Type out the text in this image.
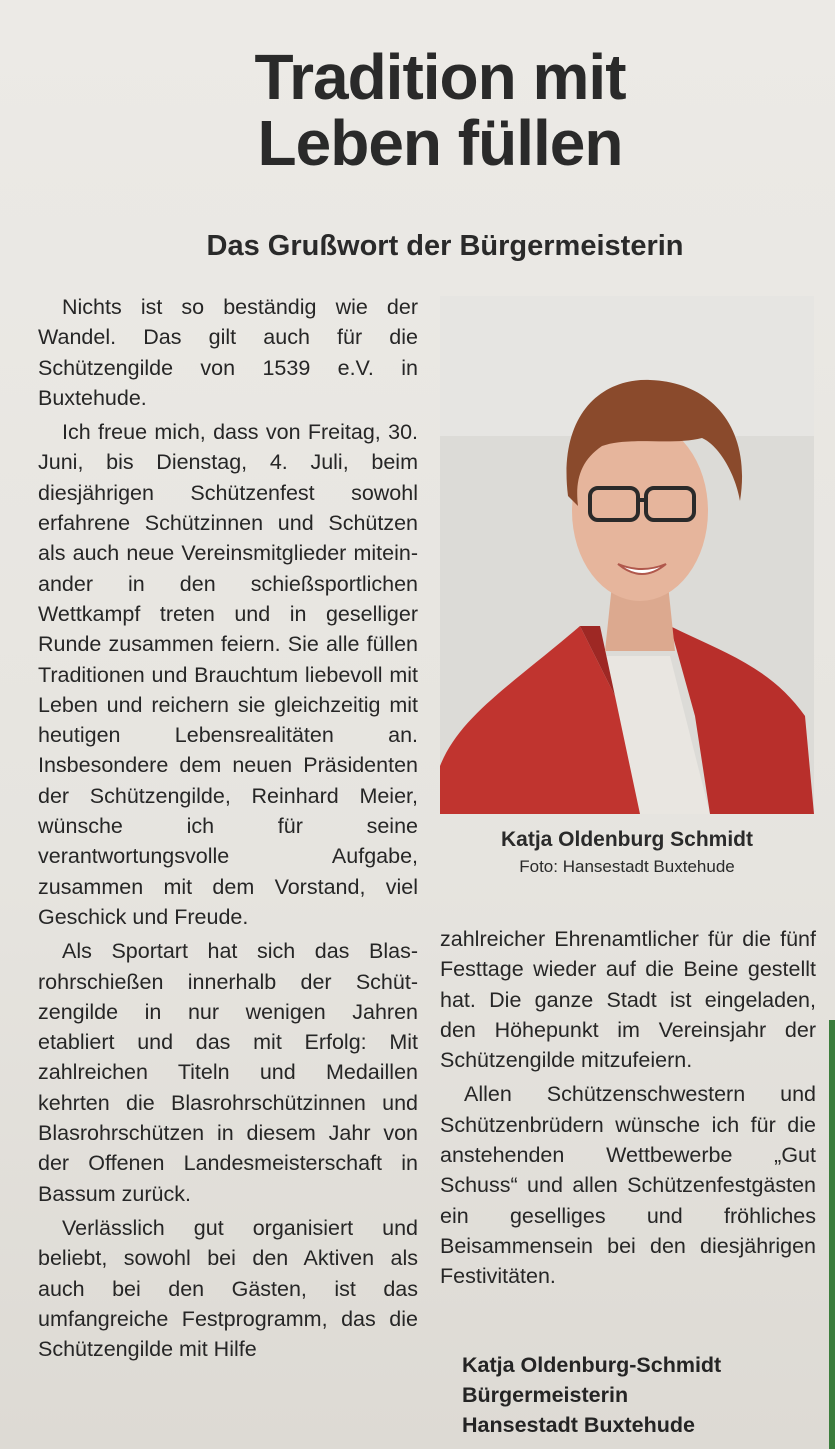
Tradition mit
Leben füllen
Das Grußwort der Bürgermeisterin

Nichts ist so beständig wie der Wandel. Das gilt auch für die Schützengilde von 1539 e.V. in Buxtehude.

Ich freue mich, dass von Freitag, 30. Juni, bis Dienstag, 4. Juli, beim diesjährigen Schützenfest sowohl erfahrene Schützinnen und Schützen als auch neue Vereinsmitglieder miteinander in den schießsportlichen Wettkampf treten und in geselliger Runde zusammen feiern. Sie alle füllen Traditionen und Brauchtum liebevoll mit Leben und reichern sie gleichzeitig mit heutigen Lebensrealitäten an. Insbesondere dem neuen Präsidenten der Schützengilde, Reinhard Meier, wünsche ich für seine verantwortungsvolle Aufgabe, zusammen mit dem Vorstand, viel Geschick und Freude.

Als Sportart hat sich das Blasrohrschießen innerhalb der Schützengilde in nur wenigen Jahren etabliert und das mit Erfolg: Mit zahlreichen Titeln und Medaillen kehrten die Blasrohrschützinnen und Blasrohrschützen in diesem Jahr von der Offenen Landesmeisterschaft in Bassum zurück.

Verlässlich gut organisiert und beliebt, sowohl bei den Aktiven als auch bei den Gästen, ist das umfangreiche Festprogramm, das die Schützengilde mit Hilfe

Katja Oldenburg Schmidt
Foto: Hansestadt Buxtehude

zahlreicher Ehrenamtlicher für die fünf Festtage wieder auf die Beine gestellt hat. Die ganze Stadt ist eingeladen, den Höhepunkt im Vereinsjahr der Schützengilde mitzufeiern.

Allen Schützenschwestern und Schützenbrüdern wünsche ich für die anstehenden Wettbewerbe „Gut Schuss“ und allen Schützenfestgästen ein geselliges und fröhliches Beisammensein bei den diesjährigen Festivitäten.

Katja Oldenburg-Schmidt
Bürgermeisterin
Hansestadt Buxtehude
